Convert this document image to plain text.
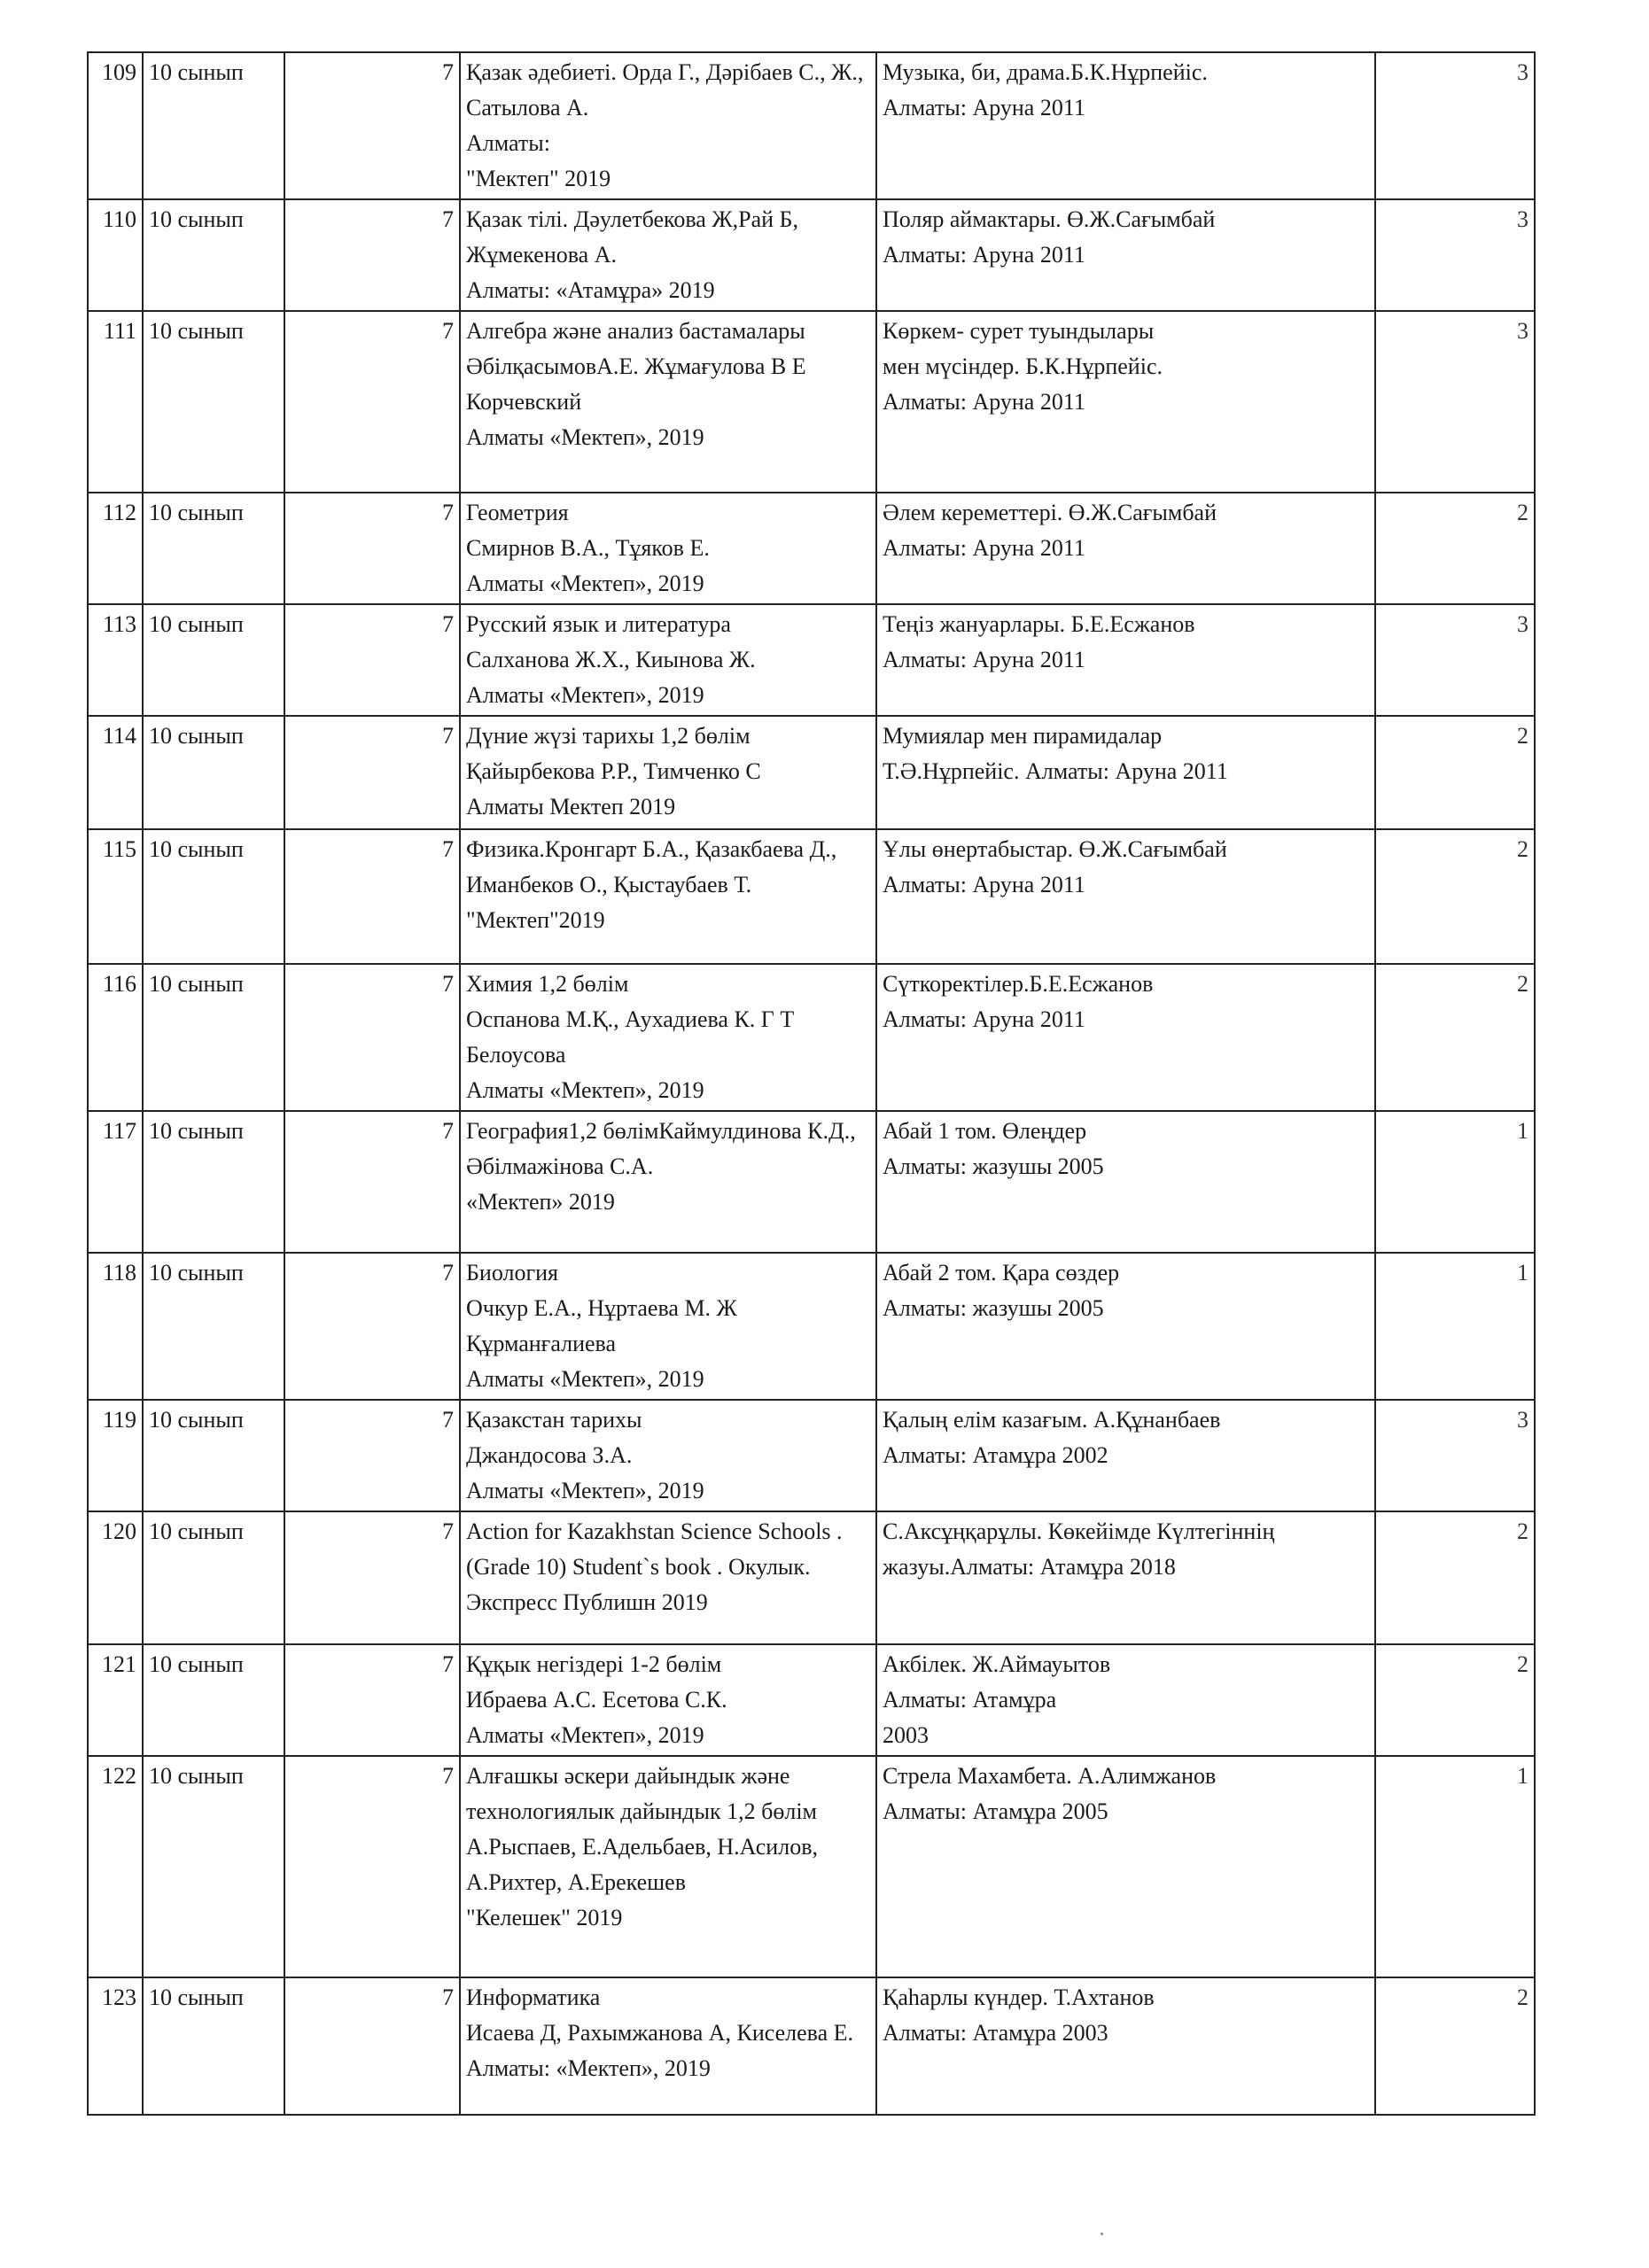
109	10 сынып	7	Қазак әдебиеті. Орда Г., Дәрібаев С., Ж., Сатылова А.
Алматы:
"Мектеп" 2019	Музыка, би, драма.Б.К.Нұрпейіс.
Алматы: Аруна 2011	3
110	10 сынып	7	Қазак тілі. Дәулетбекова Ж,Рай Б, Жұмекенова А.
Алматы: «Атамұра» 2019	Поляр аймактары. Ө.Ж.Сағымбай
Алматы: Аруна 2011	3
111	10 сынып	7	Алгебра және анализ бастамалары ӘбілқасымовА.Е. Жұмағулова В Е Корчевский
Алматы «Мектеп», 2019	Көркем- сурет туындылары
мен мүсіндер. Б.К.Нұрпейіс.
Алматы: Аруна 2011	3
112	10 сынып	7	Геометрия
Смирнов В.А., Тұяков Е.
Алматы «Мектеп», 2019	Әлем кереметтері. Ө.Ж.Сағымбай
Алматы: Аруна 2011	2
113	10 сынып	7	Русский язык и литература
Салханова Ж.Х., Киынова Ж.
Алматы «Мектеп», 2019	Теңіз жануарлары. Б.Е.Есжанов
Алматы: Аруна 2011	3
114	10 сынып	7	Дүние жүзі тарихы 1,2 бөлім
Қайырбекова Р.Р., Тимченко С
Алматы Мектеп 2019	Мумиялар мен пирамидалар
Т.Ә.Нұрпейіс. Алматы: Аруна 2011	2
115	10 сынып	7	Физика.Кронгарт Б.А., Қазакбаева Д., Иманбеков О., Қыстаубаев Т.
"Мектеп"2019	Ұлы өнертабыстар. Ө.Ж.Сағымбай
Алматы: Аруна 2011	2
116	10 сынып	7	Химия 1,2 бөлім
Оспанова М.Қ., Аухадиева К. Г Т Белоусова
Алматы «Мектеп», 2019	Сүткоректілер.Б.Е.Есжанов
Алматы: Аруна 2011	2
117	10 сынып	7	География1,2 бөлімКаймулдинова К.Д., Әбілмажінова С.А.
«Мектеп» 2019	Абай 1 том. Өлеңдер
Алматы: жазушы 2005	1
118	10 сынып	7	Биология
Очкур Е.А., Нұртаева М. Ж Құрманғалиева
Алматы «Мектеп», 2019	Абай 2 том. Қара сөздер
Алматы: жазушы 2005	1
119	10 сынып	7	Қазакстан тарихы
Джандосова З.А.
Алматы «Мектеп», 2019	Қалың елім казағым. А.Құнанбаев
Алматы: Атамұра 2002	3
120	10 сынып	7	Action for Kazakhstan Science Schools .(Grade 10) Student`s book . Окулык.
Экспресс Публишн 2019	С.Аксұңқарұлы. Көкейімде Күлтегіннің жазуы.Алматы: Атамұра 2018	2
121	10 сынып	7	Құқык негіздері 1-2 бөлім
Ибраева А.С. Есетова С.К.
Алматы «Мектеп», 2019	Акбілек. Ж.Аймауытов
Алматы: Атамұра
2003	2
122	10 сынып	7	Алғашкы әскери дайындык және технологиялык дайындык 1,2 бөлім
А.Рыспаев, Е.Адельбаев, Н.Асилов, А.Рихтер, А.Ерекешев
"Келешек" 2019	Стрела Махамбета. А.Алимжанов
Алматы: Атамұра 2005	1
123	10 сынып	7	Информатика
Исаева Д, Рахымжанова А, Киселева Е.
Алматы: «Мектеп», 2019	Қаһарлы күндер. Т.Ахтанов
Алматы: Атамұра 2003	2
